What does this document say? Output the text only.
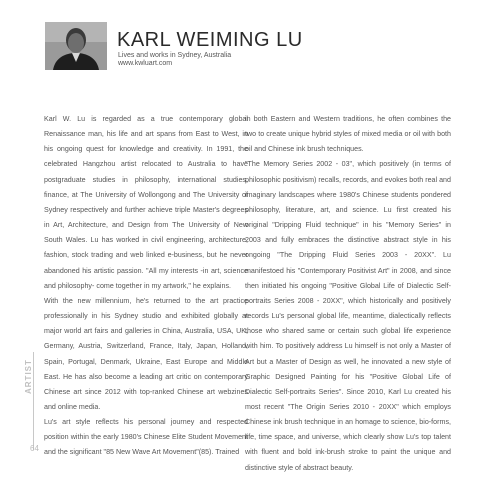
KARL WEIMING LU
Lives and works in Sydney, Australia
www.kwluart.com

Karl W. Lu is regarded as a true contemporary global Renaissance man, his life and art spans from East to West, in his ongoing quest for knowledge and creativity. In 1991, the celebrated Hangzhou artist relocated to Australia to have postgraduate studies in philosophy, international studies, finance, at The University of Wollongong and The University of Sydney respectively and further achieve triple Master's degrees in Art, Architecture, and Design from The University of New South Wales. Lu has worked in civil engineering, architecture, fashion, stock trading and web linked e-business, but he never abandoned his artistic passion. "All my interests -in art, science and philosophy- come together in my artwork," he explains.

With the new millennium, he's returned to the art practice professionally in his Sydney studio and exhibited globally at major world art fairs and galleries in China, Australia, USA, UK, Germany, Austria, Switzerland, France, Italy, Japan, Holland, Spain, Portugal, Denmark, Ukraine, East Europe and Middle East. He has also become a leading art critic on contemporary Chinese art since 2012 with top-ranked Chinese art webzines and online media.

Lu's art style reflects his personal journey and respected position within the early 1980's Chinese Elite Student Movement and the significant "85 New Wave Art Movement"(85). Trained

in both Eastern and Western traditions, he often combines the two to create unique hybrid styles of mixed media or oil with both oil and Chinese ink brush techniques.

"The Memory Series 2002 - 03", which positively (in terms of philosophic positivism) recalls, records, and evokes both real and imaginary landscapes where 1980's Chinese students pondered philosophy, literature, art, and science. Lu first created his original "Dripping Fluid technique" in his "Memory Series" in 2003 and fully embraces the distinctive abstract style in his ongoing "The Dripping Fluid Series 2003 - 20XX". Lu manifestoed his "Contemporary Positivist Art" in 2008, and since then initiated his ongoing "Positive Global Life of Dialectic Self-portraits Series 2008 - 20XX", which historically and positively records Lu's personal global life, meantime, dialectically reflects those who shared same or certain such global life experience with him. To positively address Lu himself is not only a Master of Art but a Master of Design as well, he innovated a new style of Graphic Designed Painting for his "Positive Global Life of Dialectic Self-portraits Series". Since 2010, Karl Lu created his most recent "The Origin Series 2010 - 20XX" which employs Chinese ink brush technique in an homage to science, bio-forms, life, time space, and universe, which clearly show Lu's top talent with fluent and bold ink-brush stroke to paint the unique and distinctive style of abstract beauty.

ARTIST
64
